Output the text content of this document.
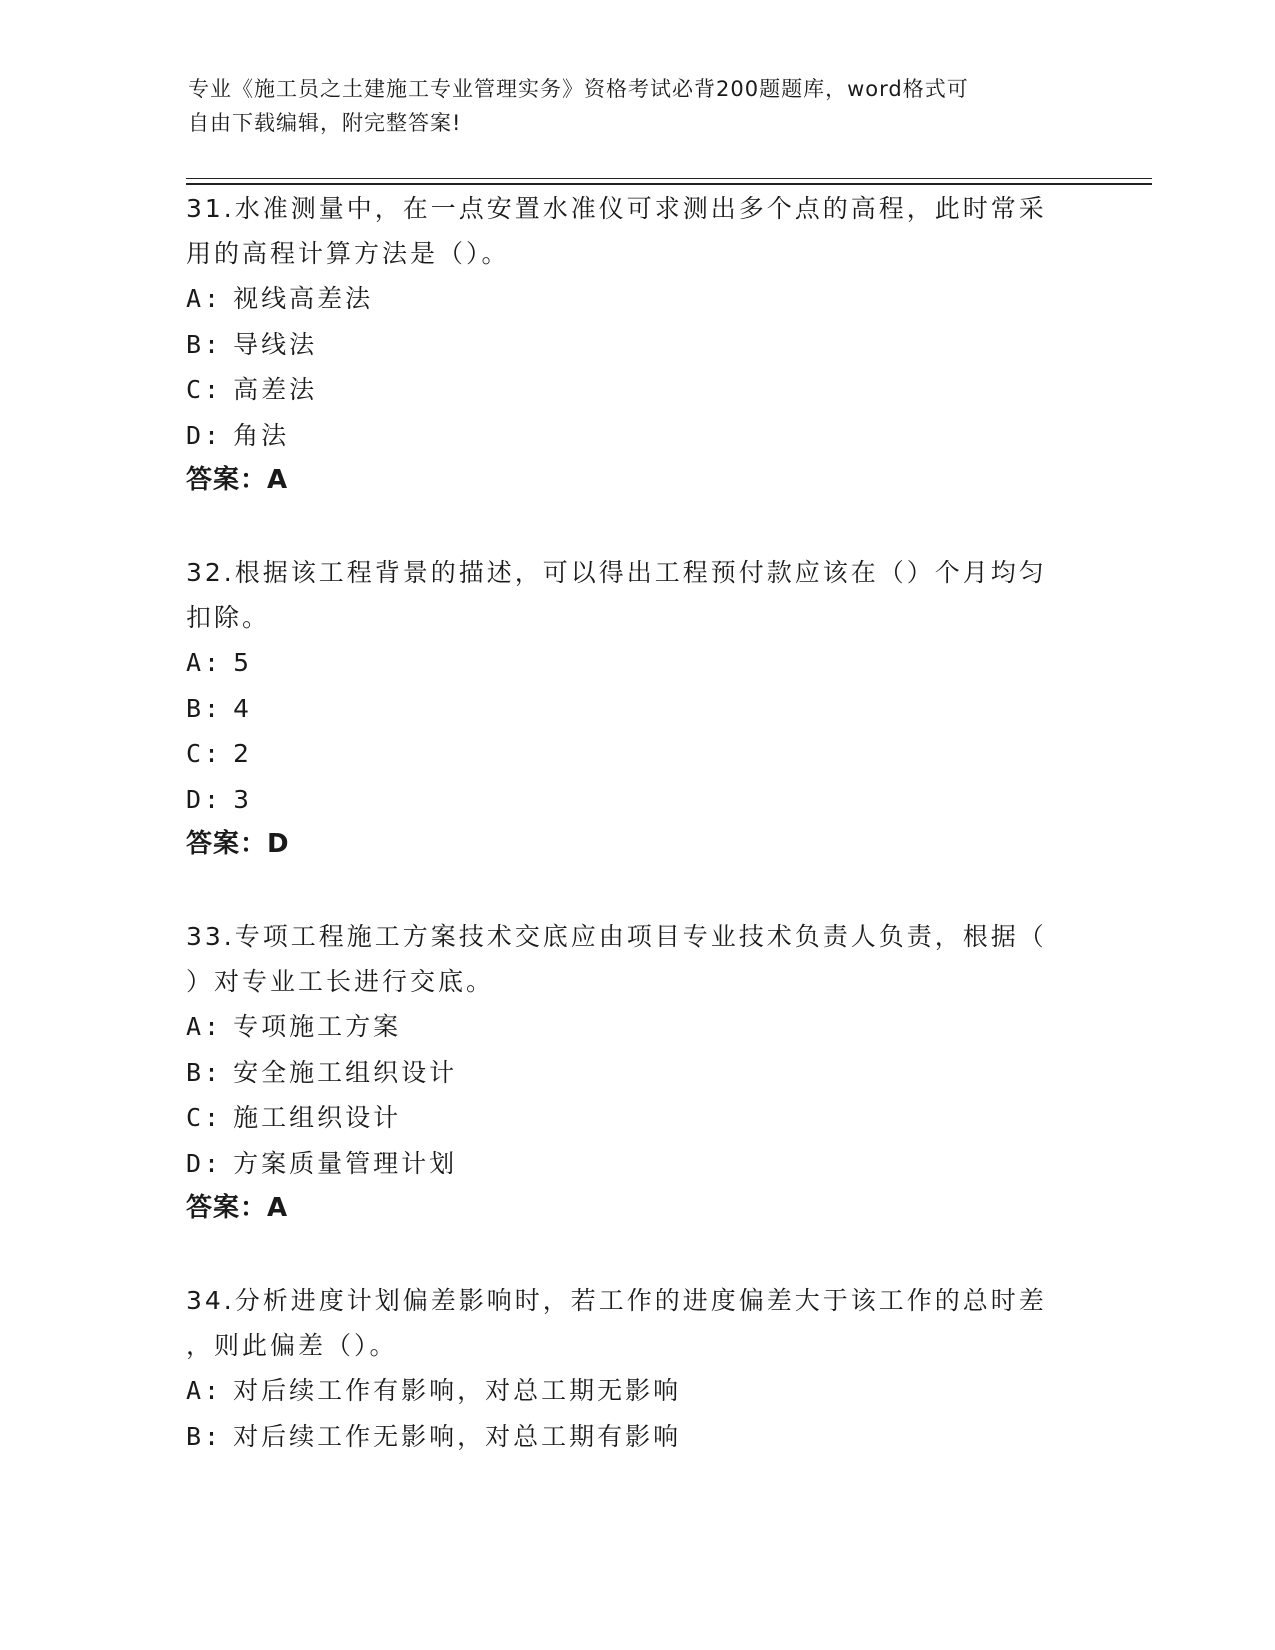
专业《施工员之土建施工专业管理实务》资格考试必背200题题库，word格式可
自由下载编辑，附完整答案!
31.水准测量中，在一点安置水准仪可求测出多个点的高程，此时常采
用的高程计算方法是（）。
A: 视线高差法
B: 导线法
C: 高差法
D: 角法
答案：A
32.根据该工程背景的描述，可以得出工程预付款应该在（）个月均匀
扣除。
A: 5
B: 4
C: 2
D: 3
答案：D
33.专项工程施工方案技术交底应由项目专业技术负责人负责，根据（
）对专业工长进行交底。
A: 专项施工方案
B: 安全施工组织设计
C: 施工组织设计
D: 方案质量管理计划
答案：A
34.分析进度计划偏差影响时，若工作的进度偏差大于该工作的总时差
，则此偏差（）。
A: 对后续工作有影响，对总工期无影响
B: 对后续工作无影响，对总工期有影响
